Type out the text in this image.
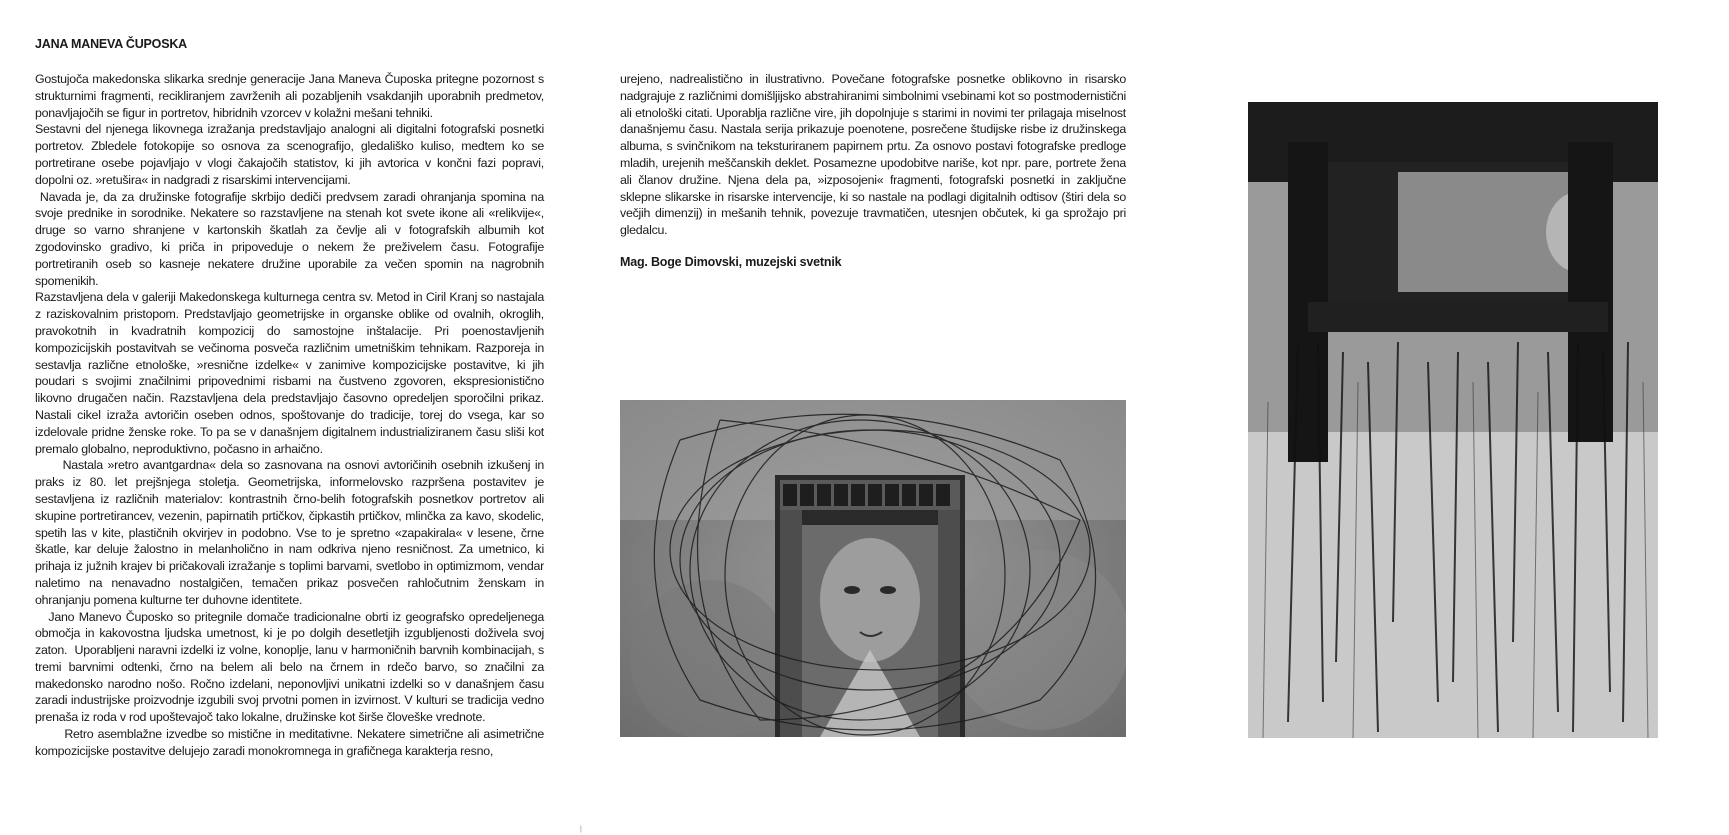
JANA MANEVA ČUPOSKA

Gostujoča makedonska slikarka srednje generacije Jana Maneva Čuposka pritegne pozornost s strukturnimi fragmenti, recikliranjem zavrženih ali pozabljenih vsakdanjih uporabnih predmetov, ponavljajočih se figur in portretov, hibridnih vzorcev v kolažni mešani tehniki.

Sestavni del njenega likovnega izražanja predstavljajo analogni ali digitalni fotografski posnetki portretov. Zbledele fotokopije so osnova za scenografijo, gledališko kuliso, medtem ko se portretirane osebe pojavljajo v vlogi čakajočih statistov, ki jih avtorica v končni fazi popravi, dopolni oz. »retušira« in nadgradi z risarskimi intervencijami.

Navada je, da za družinske fotografije skrbijo dediči predvsem zaradi ohranjanja spomina na svoje prednike in sorodnike. Nekatere so razstavljene na stenah kot svete ikone ali «relikvije«, druge so varno shranjene v kartonskih škatlah za čevlje ali v fotografskih albumih kot zgodovinsko gradivo, ki priča in pripoveduje o nekem že preživelem času. Fotografije portretiranih oseb so kasneje nekatere družine uporabile za večen spomin na nagrobnih spomenikih.

Razstavljena dela v galeriji Makedonskega kulturnega centra sv. Metod in Ciril Kranj so nastajala z raziskovalnim pristopom. Predstavljajo geometrijske in organske oblike od ovalnih, okroglih, pravokotnih in kvadratnih kompozicij do samostojne inštalacije. Pri poenostavljenih kompozicijskih postavitvah se večinoma posveča različnim umetniškim tehnikam. Razporeja in sestavlja različne etnološke, »resnične izdelke« v zanimive kompozicijske postavitve, ki jih poudari s svojimi značilnimi pripovednimi risbami na čustveno zgovoren, ekspresionistično likovno drugačen način. Razstavljena dela predstavljajo časovno opredeljen sporočilni prikaz. Nastali cikel izraža avtoričin oseben odnos, spoštovanje do tradicije, torej do vsega, kar so izdelovale pridne ženske roke. To pa se v današnjem digitalnem industrializiranem času sliši kot premalo globalno, neproduktivno, počasno in arhaično.

Nastala »retro avantgardna« dela so zasnovana na osnovi avtoričinih osebnih izkušenj in praks iz 80. let prejšnjega stoletja. Geometrijska, informelovsko razpršena postavitev je sestavljena iz različnih materialov: kontrastnih črno-belih fotografskih posnetkov portretov ali skupine portretirancev, vezenin, papirnatih prtičkov, čipkastih prtičkov, mlinčka za kavo, skodelic, spetih las v kite, plastičnih okvirjev in podobno. Vse to je spretno «zapakirala« v lesene, črne škatle, kar deluje žalostno in melanholično in nam odkriva njeno resničnost. Za umetnico, ki prihaja iz južnih krajev bi pričakovali izražanje s toplimi barvami, svetlobo in optimizmom, vendar naletimo na nenavadno nostalgičen, temačen prikaz posvečen rahločutnim ženskam in ohranjanju pomena kulturne ter duhovne identitete.

Jano Manevo Čuposko so pritegnile domače tradicionalne obrti iz geografsko opredeljenega območja in kakovostna ljudska umetnost, ki je po dolgih desetletjih izgubljenosti doživela svoj zaton.  Uporabljeni naravni izdelki iz volne, konoplje, lanu v harmoničnih barvnih kombinacijah, s tremi barvnimi odtenki, črno na belem ali belo na črnem in rdečo barvo, so značilni za makedonsko narodno nošo. Ročno izdelani, neponovljivi unikatni izdelki so v današnjem času zaradi industrijske proizvodnje izgubili svoj prvotni pomen in izvirnost. V kulturi se tradicija vedno prenaša iz roda v rod upoštevajoč tako lokalne, družinske kot širše človeške vrednote.

Retro asemblažne izvedbe so mistične in meditativne. Nekatere simetrične ali asimetrične kompozicijske postavitve delujejo zaradi monokromnega in grafičnega karakterja resno,

urejeno, nadrealistično in ilustrativno. Povečane fotografske posnetke oblikovno in risarsko nadgrajuje z različnimi domišljijsko abstrahiranimi simbolnimi vsebinami kot so postmodernistični ali etnološki citati. Uporablja različne vire, jih dopolnjuje s starimi in novimi ter prilagaja miselnost današnjemu času. Nastala serija prikazuje poenotene, posrečene študijske risbe iz družinskega albuma, s svinčnikom na teksturiranem papirnem prtu. Za osnovo postavi fotografske predloge mladih, urejenih meščanskih deklet. Posamezne upodobitve nariše, kot npr. pare, portrete žena ali članov družine. Njena dela pa, »izposojeni« fragmenti, fotografski posnetki in zaključne sklepne slikarske in risarske intervencije, ki so nastale na podlagi digitalnih odtisov (štiri dela so večjih dimenzij) in mešanih tehnik, povezuje travmatičen, utesnjen občutek, ki ga sprožajo pri gledalcu.

Mag. Boge Dimovski, muzejski svetnik
|
